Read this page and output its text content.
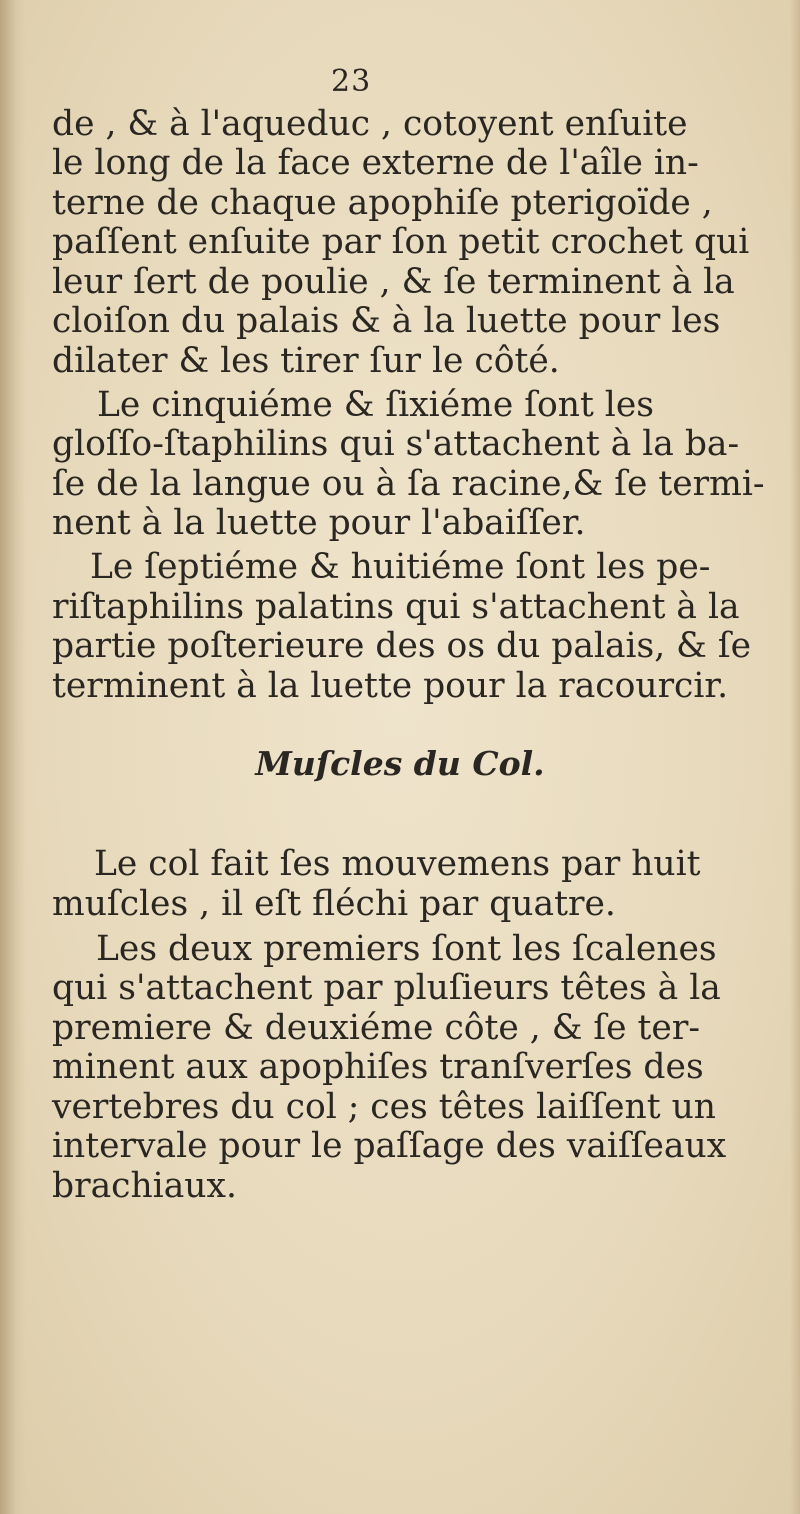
23
de , & à l'aqueduc , cotoyent enſuite
le long de la face externe de l'aîle in-
terne de chaque apophiſe pterigoïde ,
paſſent enſuite par ſon petit crochet qui
leur ſert de poulie , & ſe terminent à la
cloiſon du palais & à la luette pour les
dilater & les tirer ſur le côté.
Le cinquiéme & ſixiéme ſont les
gloſſo-ſtaphilins qui s'attachent à la ba-
ſe de la langue ou à ſa racine,& ſe termi-
nent à la luette pour l'abaiſſer.
Le ſeptiéme & huitiéme ſont les pe-
riſtaphilins palatins qui s'attachent à la
partie poſterieure des os du palais, & ſe
terminent à la luette pour la racourcir.
Muſcles du Col.
Le col fait ſes mouvemens par huit
muſcles , il eſt fléchi par quatre.
Les deux premiers ſont les ſcalenes
qui s'attachent par pluſieurs têtes à la
premiere & deuxiéme côte , & ſe ter-
minent aux apophiſes tranſverſes des
vertebres du col ; ces têtes laiſſent un
intervale pour le paſſage des vaiſſeaux
brachiaux.
